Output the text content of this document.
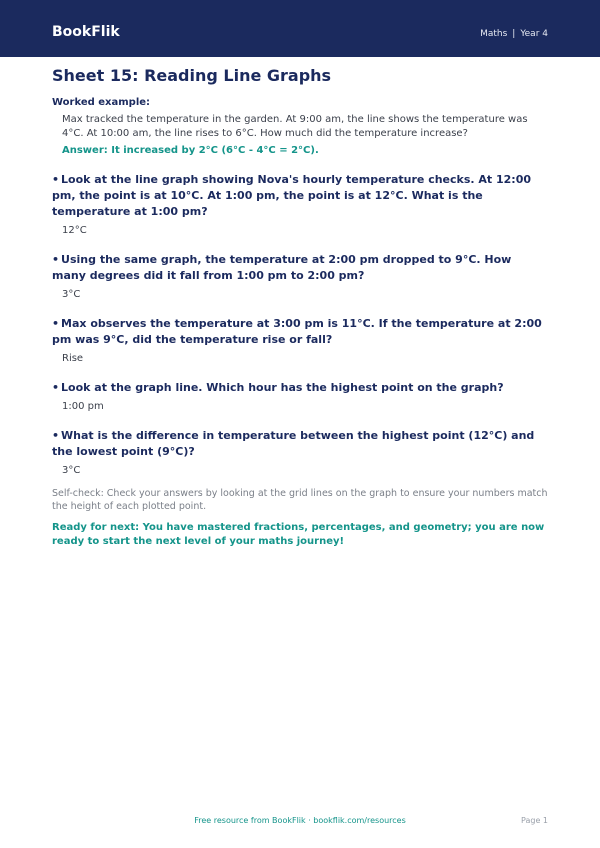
BookFlik	Maths | Year 4
Sheet 15: Reading Line Graphs
Worked example:
Max tracked the temperature in the garden. At 9:00 am, the line shows the temperature was 4°C. At 10:00 am, the line rises to 6°C. How much did the temperature increase?
Answer: It increased by 2°C (6°C - 4°C = 2°C).
• Look at the line graph showing Nova's hourly temperature checks. At 12:00 pm, the point is at 10°C. At 1:00 pm, the point is at 12°C. What is the temperature at 1:00 pm?
12°C
• Using the same graph, the temperature at 2:00 pm dropped to 9°C. How many degrees did it fall from 1:00 pm to 2:00 pm?
3°C
• Max observes the temperature at 3:00 pm is 11°C. If the temperature at 2:00 pm was 9°C, did the temperature rise or fall?
Rise
• Look at the graph line. Which hour has the highest point on the graph?
1:00 pm
• What is the difference in temperature between the highest point (12°C) and the lowest point (9°C)?
3°C
Self-check: Check your answers by looking at the grid lines on the graph to ensure your numbers match the height of each plotted point.
Ready for next: You have mastered fractions, percentages, and geometry; you are now ready to start the next level of your maths journey!
Free resource from BookFlik · bookflik.com/resources	Page 1
